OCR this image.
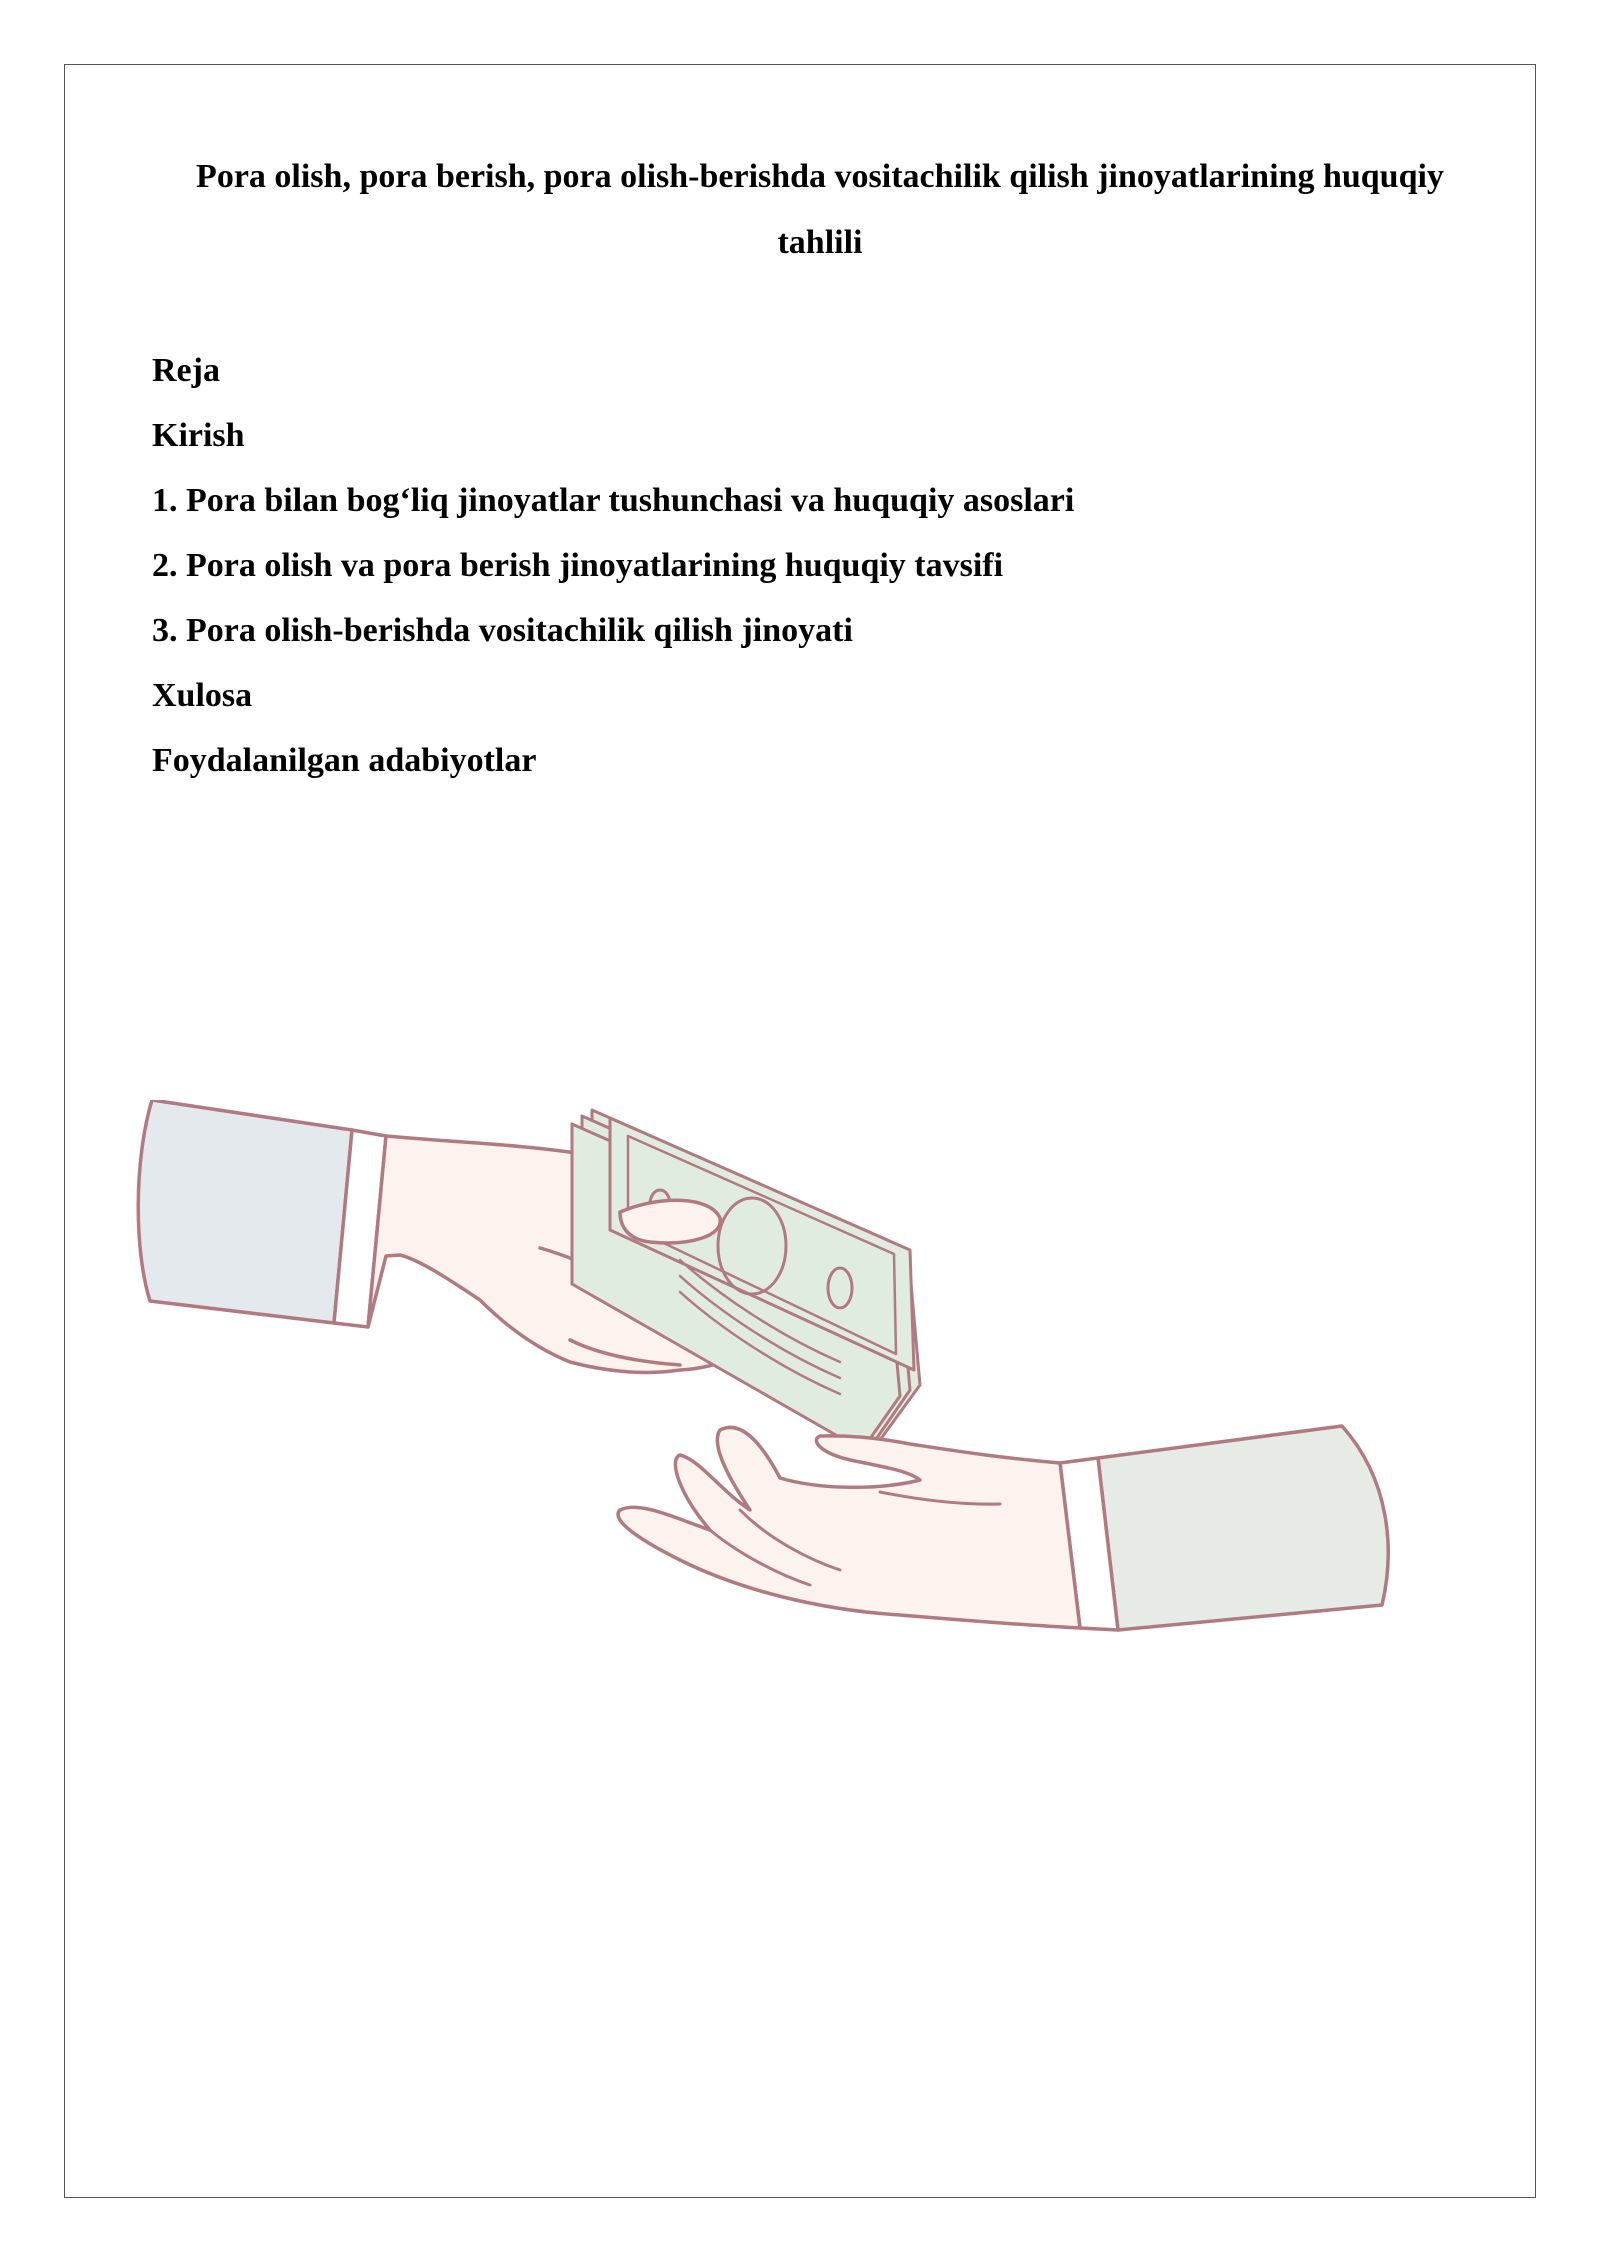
Pora olish, pora berish, pora olish-berishda vositachilik qilish jinoyatlarining huquqiy tahlili
Reja
Kirish
1. Pora bilan bog‘liq jinoyatlar tushunchasi va huquqiy asoslari
2. Pora olish va pora berish jinoyatlarining huquqiy tavsifi
3. Pora olish-berishda vositachilik qilish jinoyati
Xulosa
Foydalanilgan adabiyotlar
